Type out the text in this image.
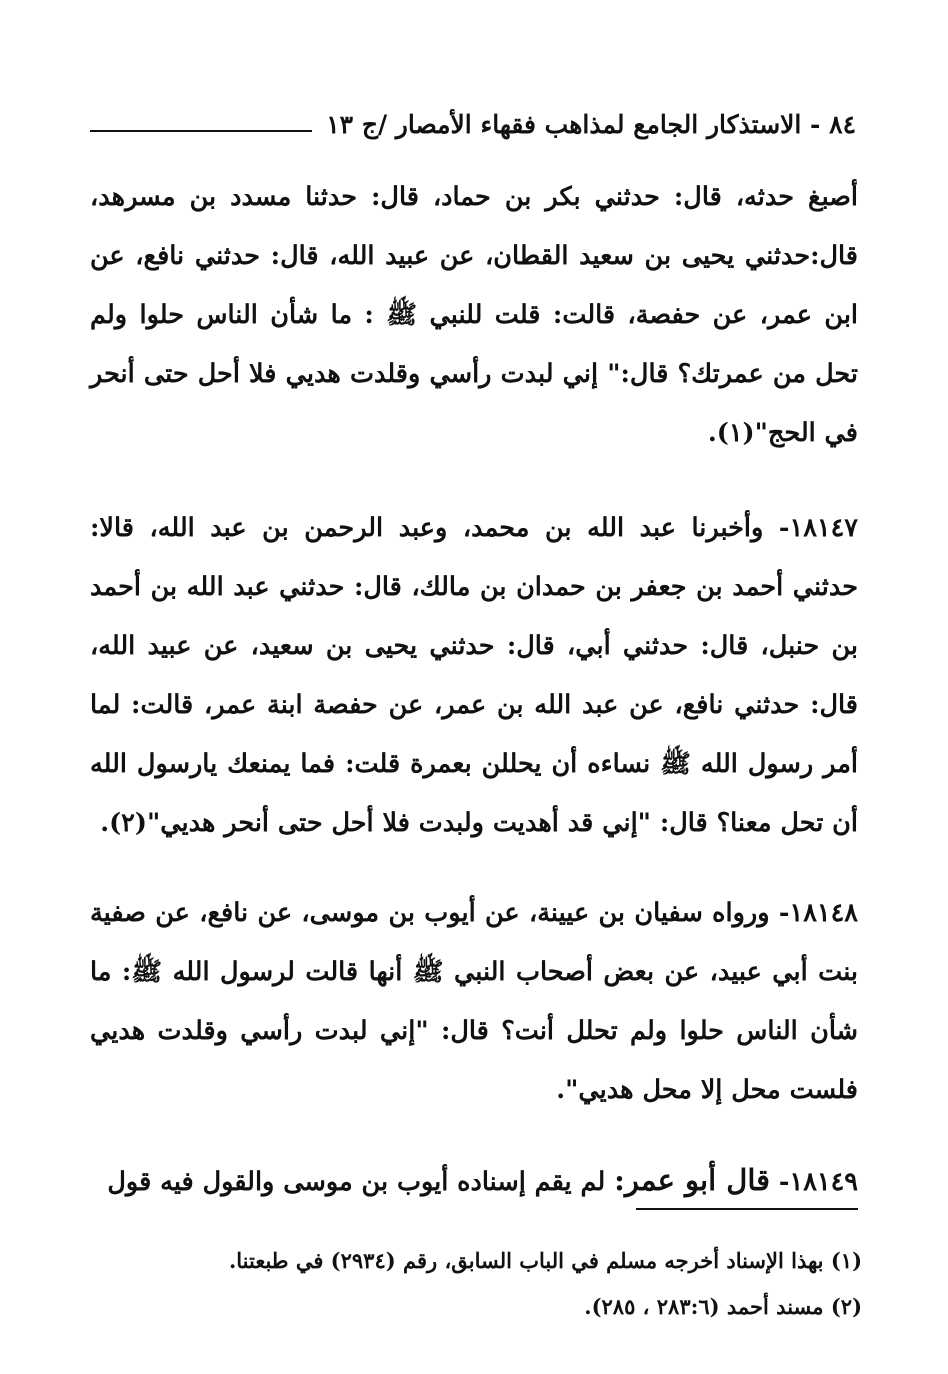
٨٤ - الاستذكار الجامع لمذاهب فقهاء الأمصار /ج ١٣

أصبغ حدثه، قال: حدثني بكر بن حماد، قال: حدثنا مسدد بن مسرهد، قال:حدثني يحيى بن سعيد القطان، عن عبيد الله، قال: حدثني نافع، عن ابن عمر، عن حفصة، قالت: قلت للنبي ﷺ : ما شأن الناس حلوا ولم تحل من عمرتك؟ قال:" إني لبدت رأسي وقلدت هديي فلا أحل حتى أنحر في الحج"(١).

١٨١٤٧- وأخبرنا عبد الله بن محمد، وعبد الرحمن بن عبد الله، قالا: حدثني أحمد بن جعفر بن حمدان بن مالك، قال: حدثني عبد الله بن أحمد بن حنبل، قال: حدثني أبي، قال: حدثني يحيى بن سعيد، عن عبيد الله، قال: حدثني نافع، عن عبد الله بن عمر، عن حفصة ابنة عمر، قالت: لما أمر رسول الله ﷺ نساءه أن يحللن بعمرة قلت: فما يمنعك يارسول الله أن تحل معنا؟ قال: "إني قد أهديت ولبدت فلا أحل حتى أنحر هديي"(٢).

١٨١٤٨- ورواه سفيان بن عيينة، عن أيوب بن موسى، عن نافع، عن صفية بنت أبي عبيد، عن بعض أصحاب النبي ﷺ أنها قالت لرسول الله ﷺ: ما شأن الناس حلوا ولم تحلل أنت؟ قال: "إني لبدت رأسي وقلدت هديي فلست محل إلا محل هديي".

١٨١٤٩- قال أبو عمر: لم يقم إسناده أيوب بن موسى والقول فيه قول

(١) بهذا الإسناد أخرجه مسلم في الباب السابق، رقم (٢٩٣٤) في طبعتنا.
(٢) مسند أحمد (٢٨٣:٦ ، ٢٨٥).
